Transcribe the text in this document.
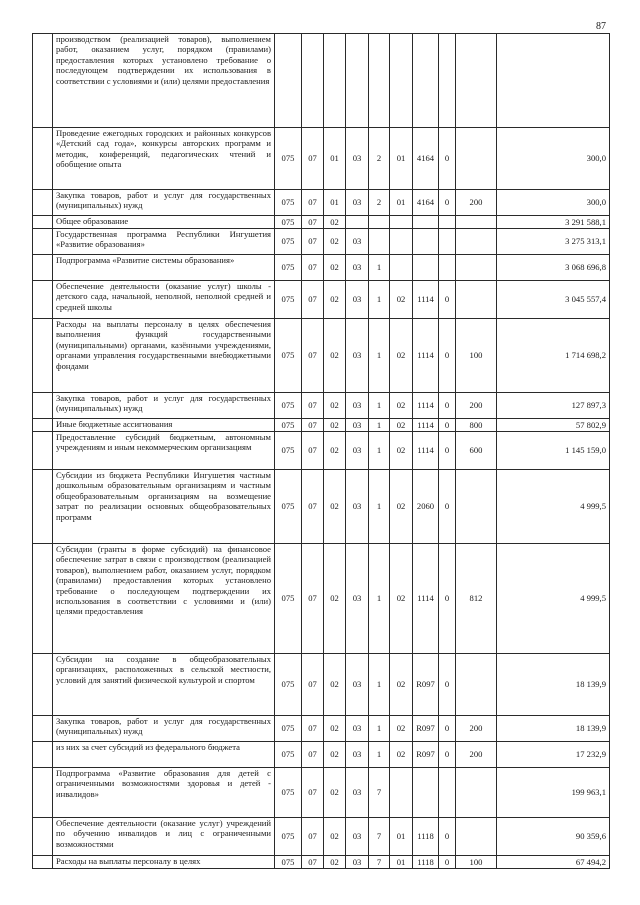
87
	производством (реализацией товаров), выполнением работ, оказанием услуг, порядком (правилами) предоставления которых установлено требование о последующем подтверждении их использования в соответствии с условиями и (или) целями предоставления										
	Проведение ежегодных городских и районных конкурсов «Детский сад года», конкурсы авторских программ и методик, конференций, педагогических чтений и обобщение опыта	075	07	01	03	2	01	4164	0		300,0
	Закупка товаров, работ и услуг для государственных (муниципальных) нужд	075	07	01	03	2	01	4164	0	200	300,0
	Общее образование	075	07	02							3 291 588,1
	Государственная программа Республики Ингушетия «Развитие образования»	075	07	02	03						3 275 313,1
	Подпрограмма «Развитие системы образования»	075	07	02	03	1					3 068 696,8
	Обеспечение деятельности (оказание услуг) школы - детского сада, начальной, неполной, неполной средней и средней школы	075	07	02	03	1	02	1114	0		3 045 557,4
	Расходы на выплаты персоналу в целях обеспечения выполнения функций государственными (муниципальными) органами, казёнными учреждениями, органами управления государственными внебюджетными фондами	075	07	02	03	1	02	1114	0	100	1 714 698,2
	Закупка товаров, работ и услуг для государственных (муниципальных) нужд	075	07	02	03	1	02	1114	0	200	127 897,3
	Иные бюджетные ассигнования	075	07	02	03	1	02	1114	0	800	57 802,9
	Предоставление субсидий бюджетным, автономным учреждениям и иным некоммерческим организациям	075	07	02	03	1	02	1114	0	600	1 145 159,0
	Субсидии из бюджета Республики Ингушетия частным дошкольным образовательным организациям и частным общеобразовательным организациям на возмещение затрат по реализации основных общеобразовательных программ	075	07	02	03	1	02	2060	0		4 999,5
	Субсидии (гранты в форме субсидий) на финансовое обеспечение затрат в связи с производством (реализацией товаров), выполнением работ, оказанием услуг, порядком (правилами) предоставления которых установлено требование о последующем подтверждении их использования в соответствии с условиями и (или) целями предоставления	075	07	02	03	1	02	1114	0	812	4 999,5
	Субсидии на создание в общеобразовательных организациях, расположенных в сельской местности, условий для занятий физической культурой и спортом	075	07	02	03	1	02	R097	0		18 139,9
	Закупка товаров, работ и услуг для государственных (муниципальных) нужд	075	07	02	03	1	02	R097	0	200	18 139,9
	из них за счет субсидий из федерального бюджета	075	07	02	03	1	02	R097	0	200	17 232,9
	Подпрограмма «Развитие образования для детей с ограниченными возможностями здоровья и детей - инвалидов»	075	07	02	03	7					199 963,1
	Обеспечение деятельности (оказание услуг) учреждений по обучению инвалидов и лиц с ограниченными возможностями	075	07	02	03	7	01	1118	0		90 359,6
	Расходы на выплаты персоналу в целях	075	07	02	03	7	01	1118	0	100	67 494,2
